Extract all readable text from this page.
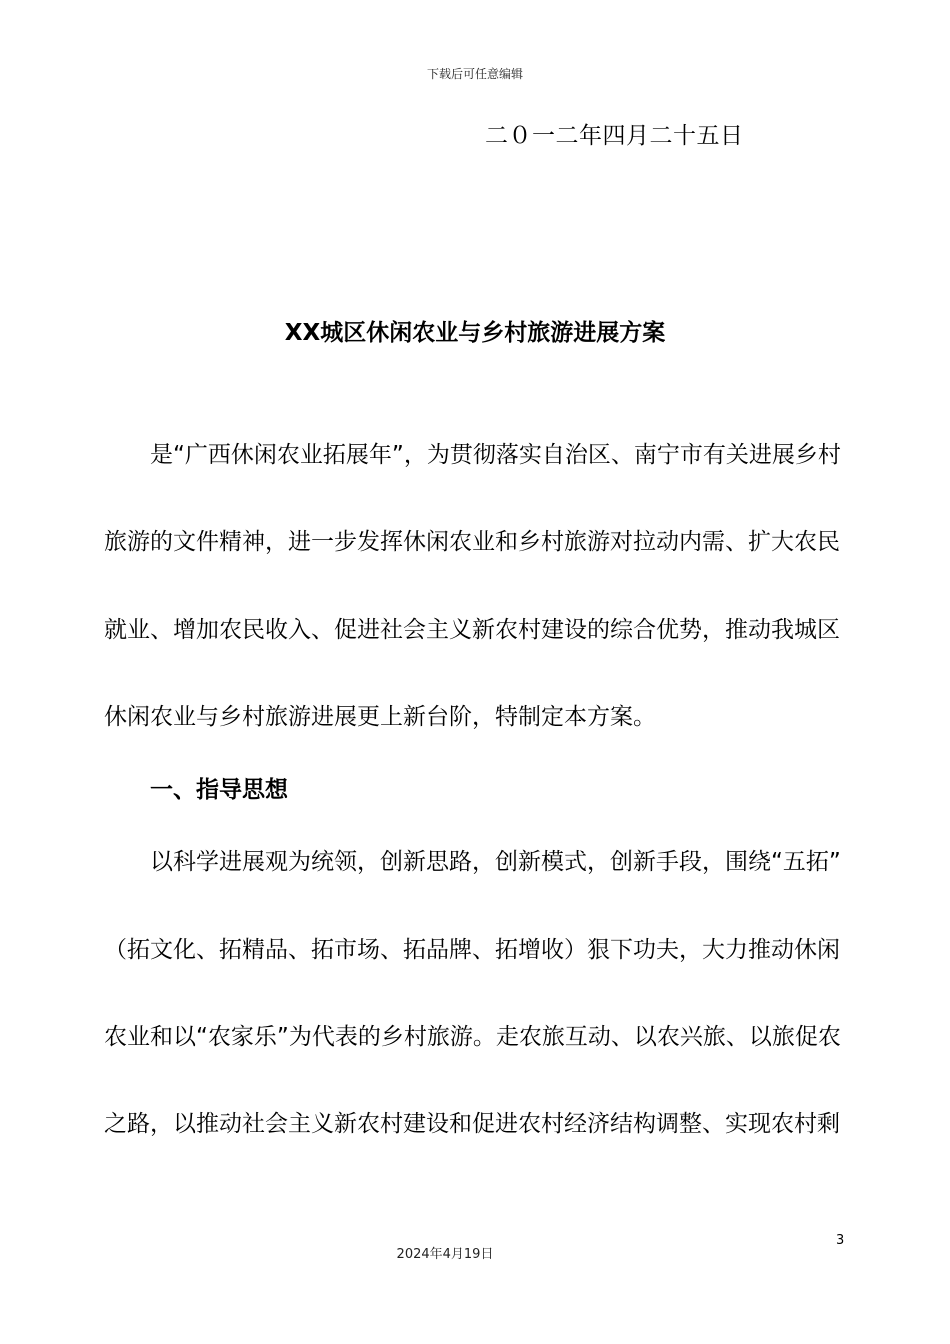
下载后可任意编辑
二０一二年四月二十五日
XX城区休闲农业与乡村旅游进展方案
是“广西休闲农业拓展年”，为贯彻落实自治区、南宁市有关进展乡村
旅游的文件精神，进一步发挥休闲农业和乡村旅游对拉动内需、扩大农民
就业、增加农民收入、促进社会主义新农村建设的综合优势，推动我城区
休闲农业与乡村旅游进展更上新台阶，特制定本方案。
一、指导思想
以科学进展观为统领，创新思路，创新模式，创新手段，围绕“五拓”
（拓文化、拓精品、拓市场、拓品牌、拓增收）狠下功夫，大力推动休闲
农业和以“农家乐”为代表的乡村旅游。走农旅互动、以农兴旅、以旅促农
之路，以推动社会主义新农村建设和促进农村经济结构调整、实现农村剩
3
2024年4月19日
